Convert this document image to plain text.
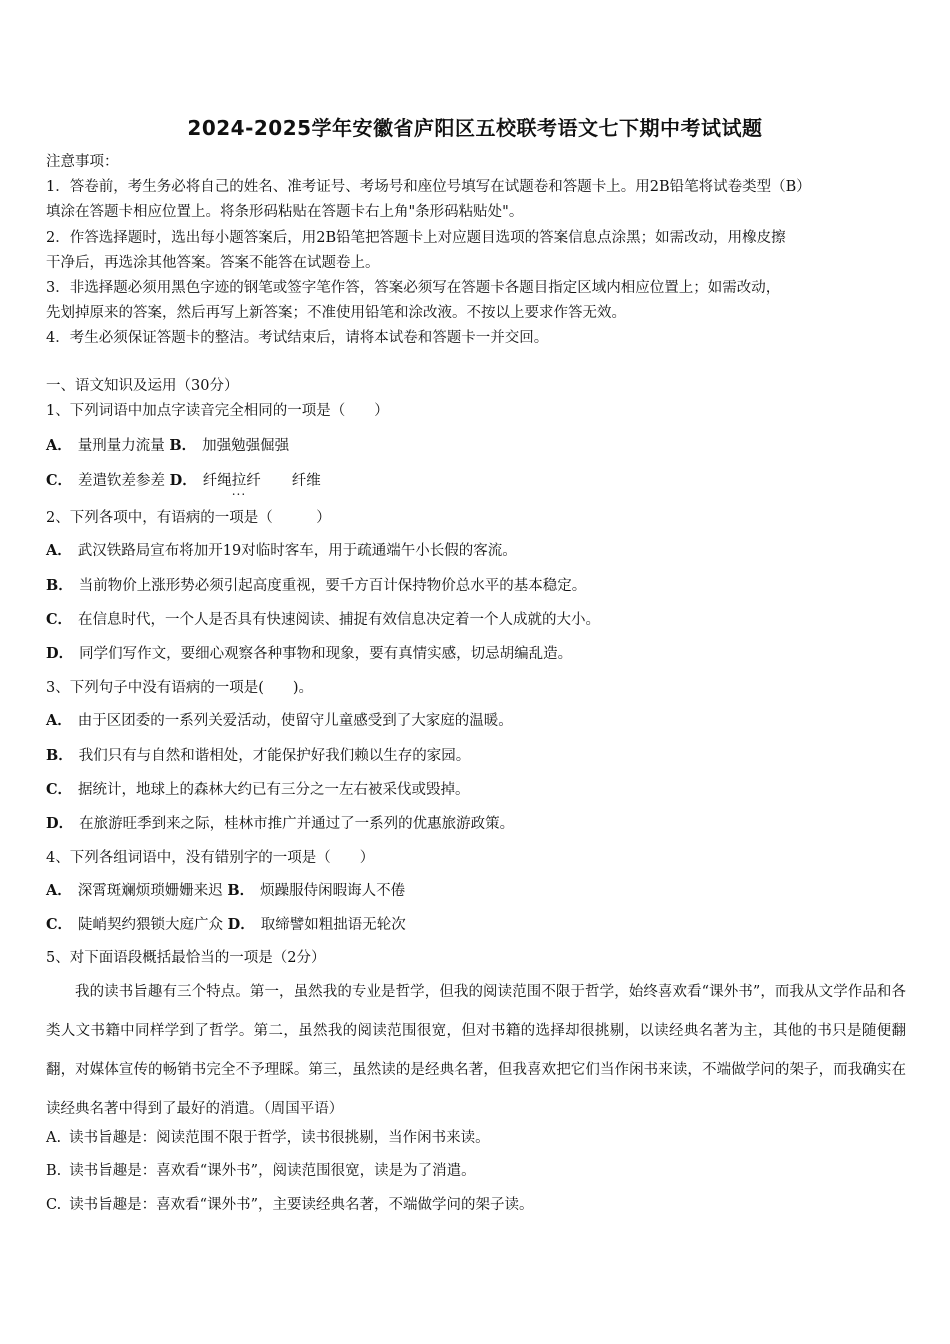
2024-2025学年安徽省庐阳区五校联考语文七下期中考试试题
注意事项：
1．答卷前，考生务必将自己的姓名、准考证号、考场号和座位号填写在试题卷和答题卡上。用2B铅笔将试卷类型（B）
填涂在答题卡相应位置上。将条形码粘贴在答题卡右上角"条形码粘贴处"。
2．作答选择题时，选出每小题答案后，用2B铅笔把答题卡上对应题目选项的答案信息点涂黑；如需改动，用橡皮擦
干净后，再选涂其他答案。答案不能答在试题卷上。
3．非选择题必须用黑色字迹的钢笔或签字笔作答，答案必须写在答题卡各题目指定区域内相应位置上；如需改动，
先划掉原来的答案，然后再写上新答案；不准使用铅笔和涂改液。不按以上要求作答无效。
4．考生必须保证答题卡的整洁。考试结束后，请将本试卷和答题卡一并交回。
一、语文知识及运用（30分）
1、下列词语中加点字读音完全相同的一项是（　　）
A． 量刑量力流量 B． 加强勉强倔强
C． 差遣钦差参差 D． 纤绳拉纤 ... 纤维
2、下列各项中，有语病的一项是（　　　）
A． 武汉铁路局宣布将加开19对临时客车，用于疏通端午小长假的客流。
B． 当前物价上涨形势必须引起高度重视，要千方百计保持物价总水平的基本稳定。
C． 在信息时代，一个人是否具有快速阅读、捕捉有效信息决定着一个人成就的大小。
D． 同学们写作文，要细心观察各种事物和现象，要有真情实感，切忌胡编乱造。
3、下列句子中没有语病的一项是(　　)。
A． 由于区团委的一系列关爱活动，使留守儿童感受到了大家庭的温暖。
B． 我们只有与自然和谐相处，才能保护好我们赖以生存的家园。
C． 据统计，地球上的森林大约已有三分之一左右被采伐或毁掉。
D． 在旅游旺季到来之际，桂林市推广并通过了一系列的优惠旅游政策。
4、下列各组词语中，没有错别字的一项是（　　）
A． 深霄斑斓烦琐姗姗来迟 B． 烦躁服侍闲暇诲人不倦
C． 陡峭契约猥锁大庭广众 D． 取缔譬如粗拙语无轮次
5、对下面语段概括最恰当的一项是（2分）
我的读书旨趣有三个特点。第一，虽然我的专业是哲学，但我的阅读范围不限于哲学，始终喜欢看“课外书”，而我从文学作品和各类人文书籍中同样学到了哲学。第二，虽然我的阅读范围很宽，但对书籍的选择却很挑剔，以读经典名著为主，其他的书只是随便翻翻，对媒体宣传的畅销书完全不予理睬。第三，虽然读的是经典名著，但我喜欢把它们当作闲书来读，不端做学问的架子，而我确实在读经典名著中得到了最好的消遣。（周国平语）
A. 读书旨趣是：阅读范围不限于哲学，读书很挑剔，当作闲书来读。
B. 读书旨趣是：喜欢看“课外书”，阅读范围很宽，读是为了消遣。
C. 读书旨趣是：喜欢看“课外书”，主要读经典名著，不端做学问的架子读。
